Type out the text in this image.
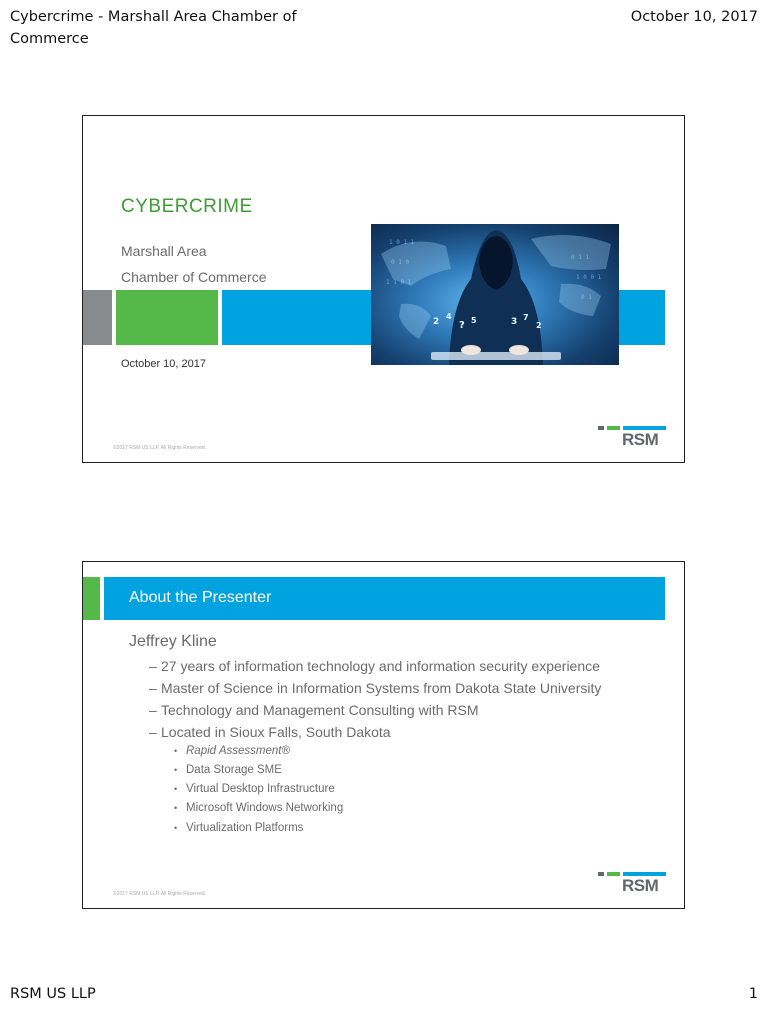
Cybercrime - Marshall Area Chamber of Commerce
October 10, 2017
CYBERCRIME
Marshall Area
Chamber of Commerce
1 0 1 1
0 1 0
1 1 0 1
0 1 1
1 0 0 1
0 1
2
4
? 5	3 7
2
October 10, 2017
©2017 RSM US LLP. All Rights Reserved.	RSM
About the Presenter
Jeffrey Kline
– 27 years of information technology and information security experience
– Master of Science in Information Systems from Dakota State University
– Technology and Management Consulting with RSM
– Located in Sioux Falls, South Dakota
• Rapid Assessment®
• Data Storage SME
• Virtual Desktop Infrastructure
• Microsoft Windows Networking
• Virtualization Platforms
©2017 RSM US LLP. All Rights Reserved.	RSM
RSM US LLP	1
